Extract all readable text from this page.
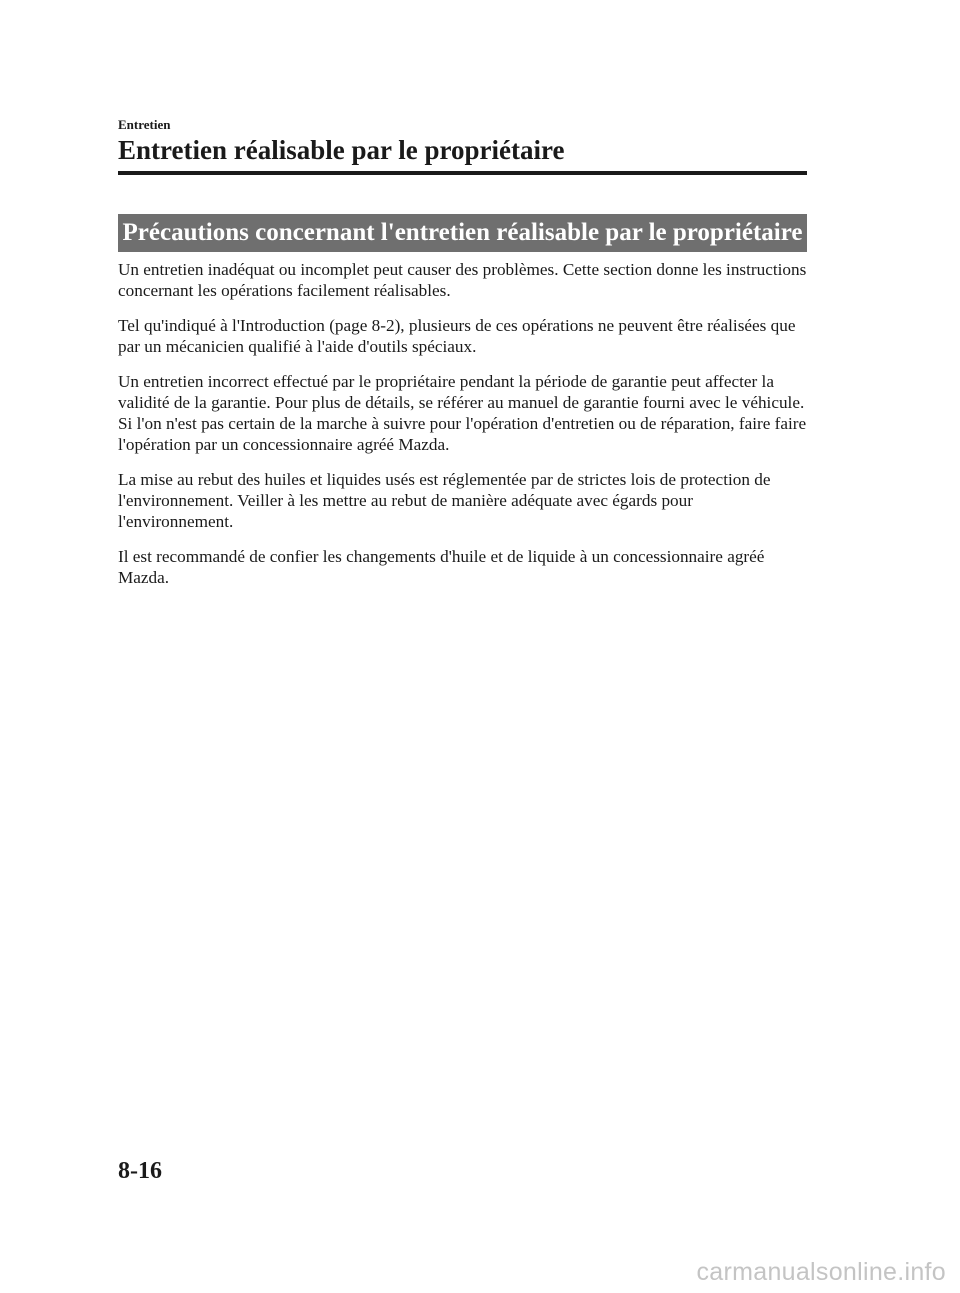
Entretien
Entretien réalisable par le propriétaire
Précautions concernant l'entretien réalisable par le propriétaire

Un entretien inadéquat ou incomplet peut causer des problèmes. Cette section donne les instructions concernant les opérations facilement réalisables.

Tel qu'indiqué à l'Introduction (page 8-2), plusieurs de ces opérations ne peuvent être réalisées que par un mécanicien qualifié à l'aide d'outils spéciaux.

Un entretien incorrect effectué par le propriétaire pendant la période de garantie peut affecter la validité de la garantie. Pour plus de détails, se référer au manuel de garantie fourni avec le véhicule. Si l'on n'est pas certain de la marche à suivre pour l'opération d'entretien ou de réparation, faire faire l'opération par un concessionnaire agréé Mazda.

La mise au rebut des huiles et liquides usés est réglementée par de strictes lois de protection de l'environnement. Veiller à les mettre au rebut de manière adéquate avec égards pour l'environnement.

Il est recommandé de confier les changements d'huile et de liquide à un concessionnaire agréé Mazda.

8-16
carmanualsonline.info
